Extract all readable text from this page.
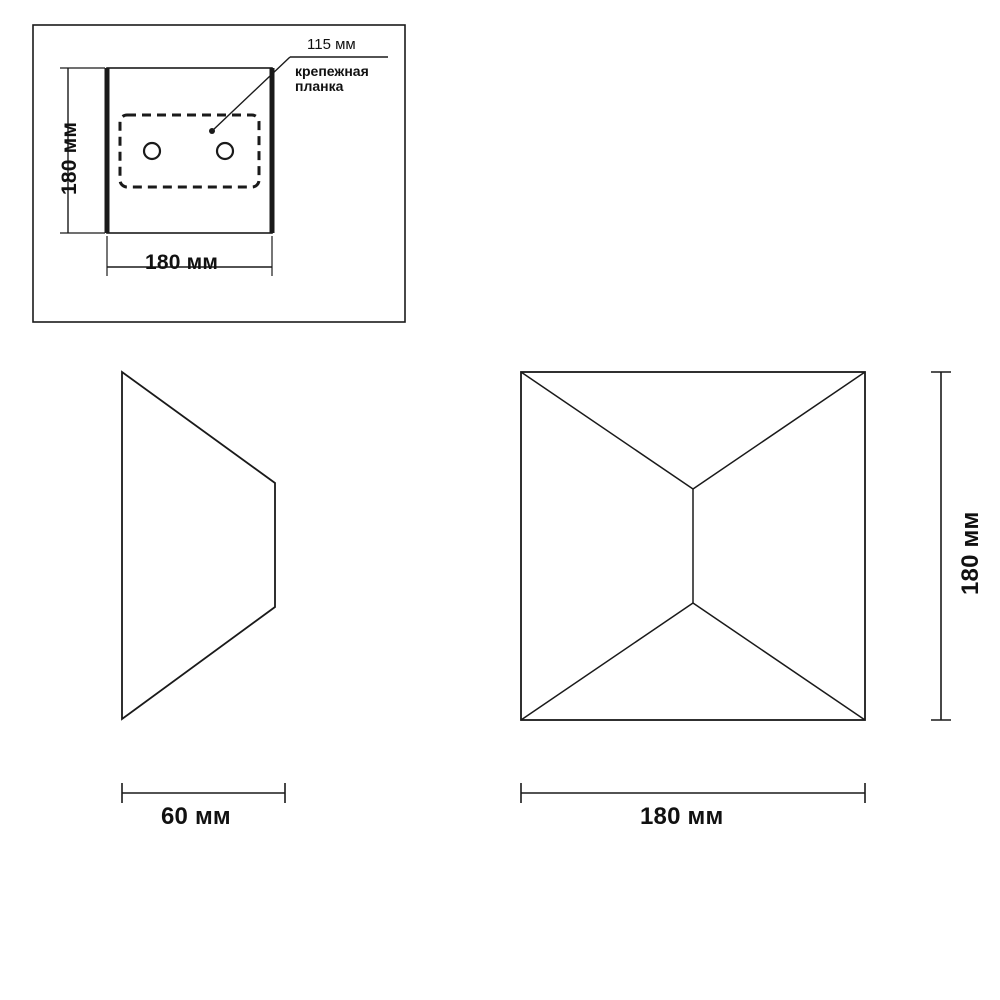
180 мм
180 мм
115 мм
крепежная
планка
60 мм	180 мм
180 мм
